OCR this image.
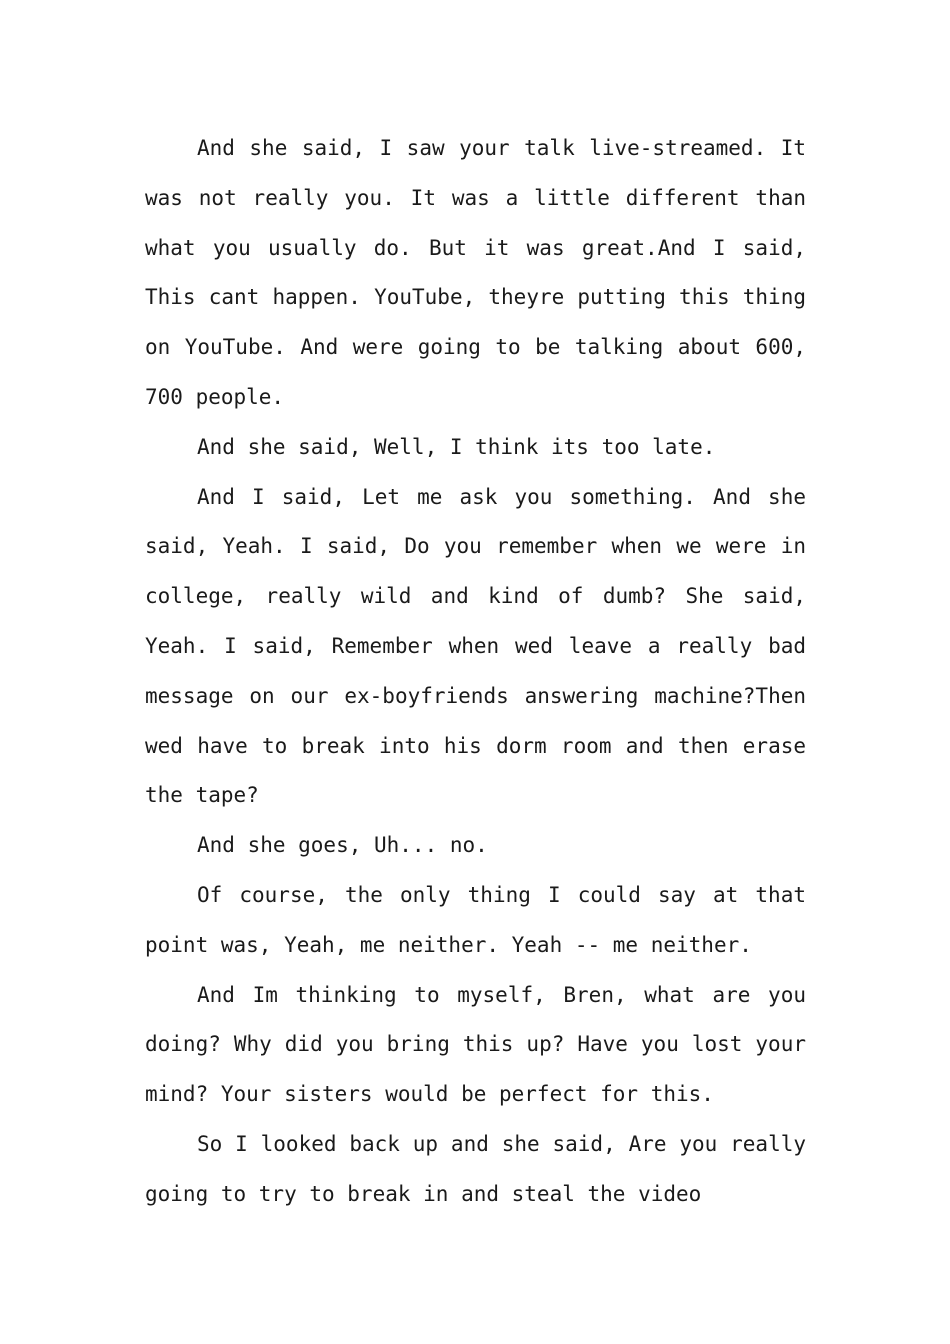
And she said, I saw your talk live-streamed. It was not really you. It was a little different than what you usually do. But it was great.And I said, This cant happen. YouTube, theyre putting this thing on YouTube. And were going to be talking about 600, 700 people.

And she said, Well, I think its too late.

And I said, Let me ask you something. And she said, Yeah. I said, Do you remember when we were in college, really wild and kind of dumb? She said, Yeah. I said, Remember when wed leave a really bad message on our ex-boyfriends answering machine?Then wed have to break into his dorm room and then erase the tape?

And she goes, Uh... no.

Of course, the only thing I could say at that point was, Yeah, me neither. Yeah -- me neither.

And Im thinking to myself, Bren, what are you doing? Why did you bring this up? Have you lost your mind? Your sisters would be perfect for this.

So I looked back up and she said, Are you really going to try to break in and steal the video
